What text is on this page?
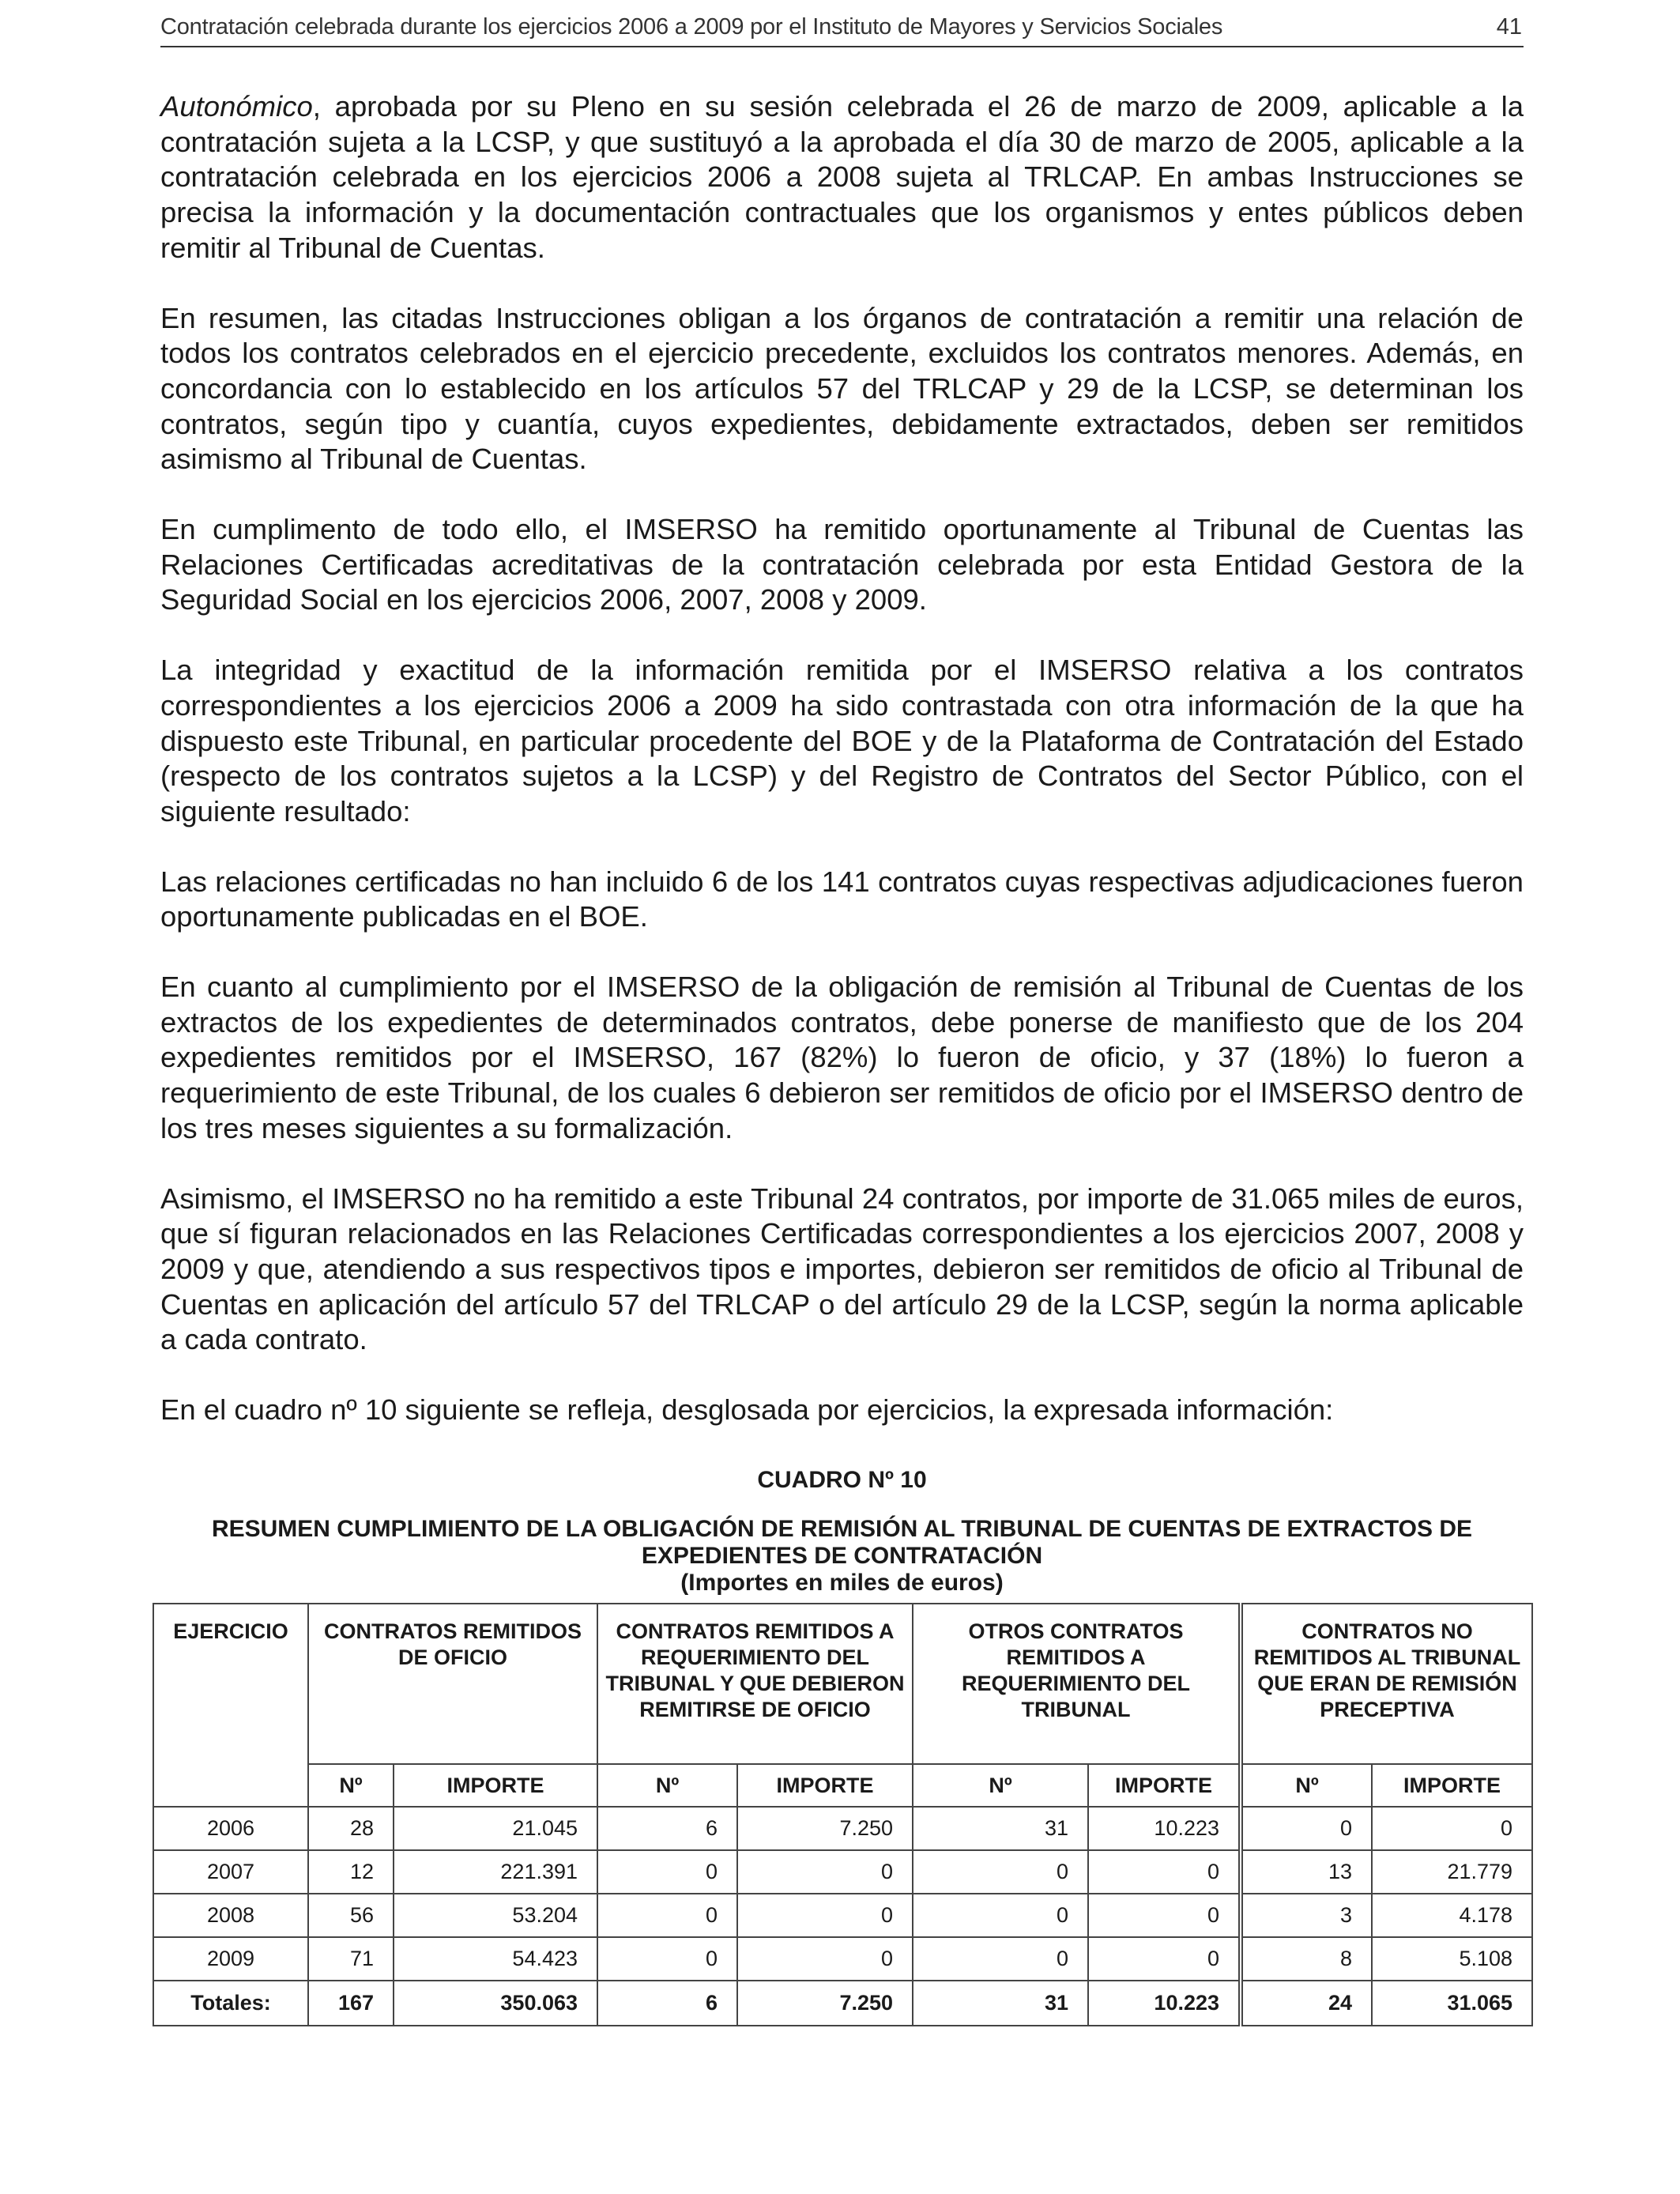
Contratación celebrada durante los ejercicios 2006 a 2009 por el Instituto de Mayores y Servicios Sociales	41

Autonómico, aprobada por su Pleno en su sesión celebrada el 26 de marzo de 2009, aplicable a la contratación sujeta a la LCSP, y que sustituyó a la aprobada el día 30 de marzo de 2005, aplicable a la contratación celebrada en los ejercicios 2006 a 2008 sujeta al TRLCAP. En ambas Instrucciones se precisa la información y la documentación contractuales que los organismos y entes públicos deben remitir al Tribunal de Cuentas.

En resumen, las citadas Instrucciones obligan a los órganos de contratación a remitir una relación de todos los contratos celebrados en el ejercicio precedente, excluidos los contratos menores. Además, en concordancia con lo establecido en los artículos 57 del TRLCAP y 29 de la LCSP, se determinan los contratos, según tipo y cuantía, cuyos expedientes, debidamente extractados, deben ser remitidos asimismo al Tribunal de Cuentas.

En cumplimento de todo ello, el IMSERSO ha remitido oportunamente al Tribunal de Cuentas las Relaciones Certificadas acreditativas de la contratación celebrada por esta Entidad Gestora de la Seguridad Social en los ejercicios 2006, 2007, 2008 y 2009.

La integridad y exactitud de la información remitida por el IMSERSO relativa a los contratos correspondientes a los ejercicios 2006 a 2009 ha sido contrastada con otra información de la que ha dispuesto este Tribunal, en particular procedente del BOE y de la Plataforma de Contratación del Estado (respecto de los contratos sujetos a la LCSP) y del Registro de Contratos del Sector Público, con el siguiente resultado:

Las relaciones certificadas no han incluido 6 de los 141 contratos cuyas respectivas adjudicaciones fueron oportunamente publicadas en el BOE.

En cuanto al cumplimiento por el IMSERSO de la obligación de remisión al Tribunal de Cuentas de los extractos de los expedientes de determinados contratos, debe ponerse de manifiesto que de los 204 expedientes remitidos por el IMSERSO, 167 (82%) lo fueron de oficio, y 37 (18%) lo fueron a requerimiento de este Tribunal, de los cuales 6 debieron ser remitidos de oficio por el IMSERSO dentro de los tres meses siguientes a su formalización.

Asimismo, el IMSERSO no ha remitido a este Tribunal 24 contratos, por importe de 31.065 miles de euros, que sí figuran relacionados en las Relaciones Certificadas correspondientes a los ejercicios 2007, 2008 y 2009 y que, atendiendo a sus respectivos tipos e importes, debieron ser remitidos de oficio al Tribunal de Cuentas en aplicación del artículo 57 del TRLCAP o del artículo 29 de la LCSP, según la norma aplicable a cada contrato.

En el cuadro nº 10 siguiente se refleja, desglosada por ejercicios, la expresada información:

CUADRO Nº 10
RESUMEN CUMPLIMIENTO DE LA OBLIGACIÓN DE REMISIÓN AL TRIBUNAL DE CUENTAS DE EXTRACTOS DE
EXPEDIENTES DE CONTRATACIÓN
(Importes en miles de euros)
EJERCICIO	CONTRATOS REMITIDOS DE OFICIO		CONTRATOS REMITIDOS A REQUERIMIENTO DEL TRIBUNAL Y QUE DEBIERON REMITIRSE DE OFICIO		OTROS CONTRATOS REMITIDOS A REQUERIMIENTO DEL TRIBUNAL		CONTRATOS NO REMITIDOS AL TRIBUNAL QUE ERAN DE REMISIÓN PRECEPTIVA	
	Nº	IMPORTE	Nº	IMPORTE	Nº	IMPORTE	Nº	IMPORTE
2006	28	21.045	6	7.250	31	10.223	0	0
2007	12	221.391	0	0	0	0	13	21.779
2008	56	53.204	0	0	0	0	3	4.178
2009	71	54.423	0	0	0	0	8	5.108
Totales:	167	350.063	6	7.250	31	10.223	24	31.065
